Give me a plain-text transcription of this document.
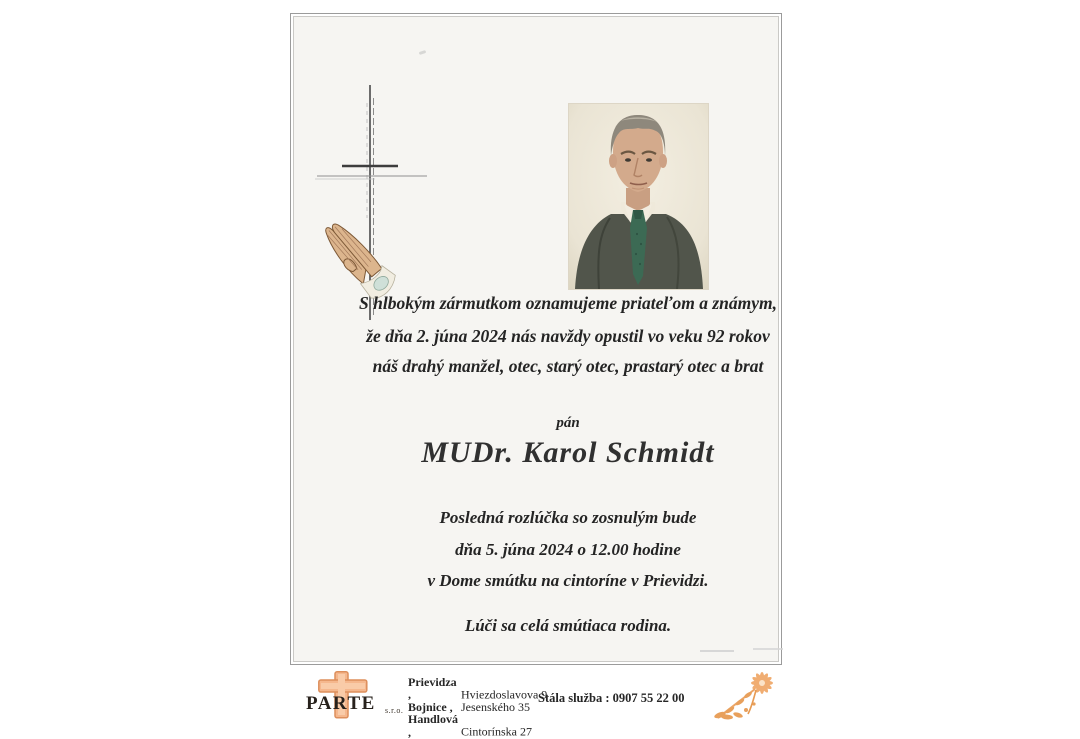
S hlbokým zármutkom oznamujeme priateľom a známym,
že dňa 2. júna 2024 nás navždy opustil vo veku 92 rokov
náš drahý manžel, otec, starý otec, prastarý otec a brat
pán
MUDr. Karol Schmidt
Posledná rozlúčka so zosnulým bude
dňa 5. júna 2024 o 12.00 hodine
v Dome smútku na cintoríne v Prievidzi.
Lúči sa celá smútiaca rodina.
PARTE s.r.o.
Prievidza ,	Hviezdoslavova 9
Bojnice , Jesenského 35
Handlová ,	Cintorínska 27
Stála služba : 0907 55 22 00
